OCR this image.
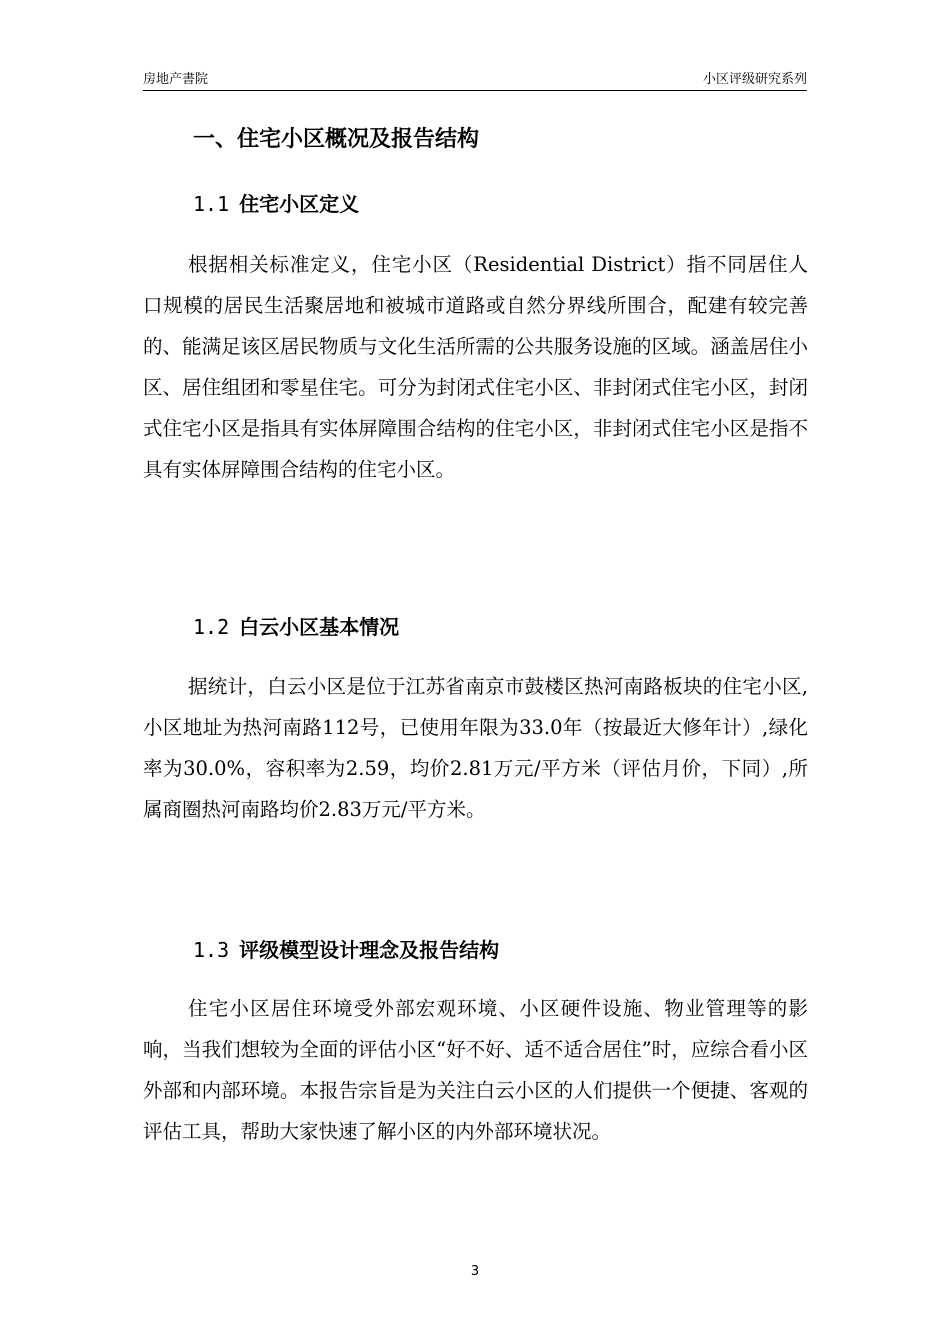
房地产書院	小区评级研究系列
一、住宅小区概况及报告结构
1.1 住宅小区定义

根据相关标准定义，住宅小区（Residential District）指不同居住人口规模的居民生活聚居地和被城市道路或自然分界线所围合，配建有较完善的、能满足该区居民物质与文化生活所需的公共服务设施的区域。涵盖居住小区、居住组团和零星住宅。可分为封闭式住宅小区、非封闭式住宅小区，封闭式住宅小区是指具有实体屏障围合结构的住宅小区，非封闭式住宅小区是指不具有实体屏障围合结构的住宅小区。

1.2 白云小区基本情况

据统计，白云小区是位于江苏省南京市鼓楼区热河南路板块的住宅小区,小区地址为热河南路112号，已使用年限为33.0年（按最近大修年计）,绿化率为30.0%，容积率为2.59，均价2.81万元/平方米（评估月价，下同）,所属商圈热河南路均价2.83万元/平方米。

1.3 评级模型设计理念及报告结构

住宅小区居住环境受外部宏观环境、小区硬件设施、物业管理等的影响，当我们想较为全面的评估小区“好不好、适不适合居住”时，应综合看小区外部和内部环境。本报告宗旨是为关注白云小区的人们提供一个便捷、客观的评估工具，帮助大家快速了解小区的内外部环境状况。

3
